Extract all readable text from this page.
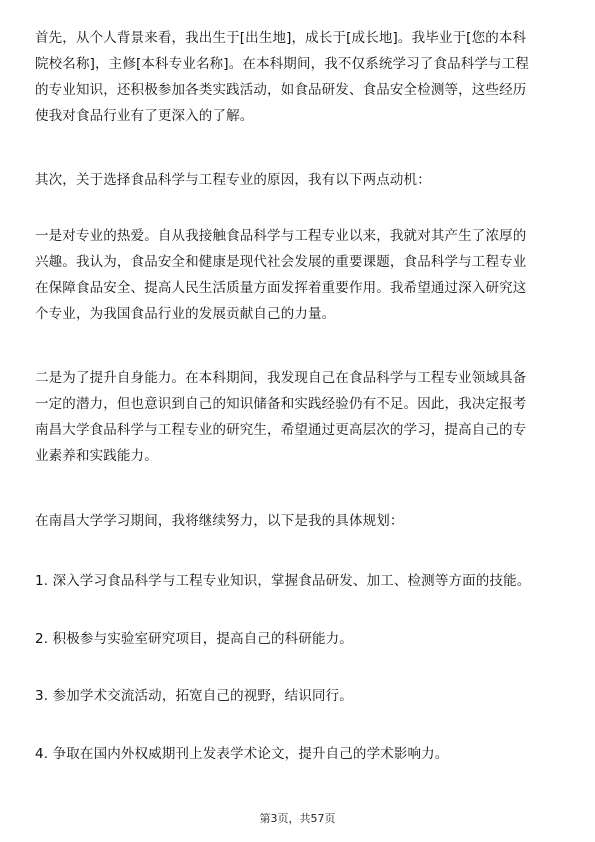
首先，从个人背景来看，我出生于[出生地]，成长于[成长地]。我毕业于[您的本科
院校名称]，主修[本科专业名称]。在本科期间，我不仅系统学习了食品科学与工程
的专业知识，还积极参加各类实践活动，如食品研发、食品安全检测等，这些经历
使我对食品行业有了更深入的了解。

其次，关于选择食品科学与工程专业的原因，我有以下两点动机：

一是对专业的热爱。自从我接触食品科学与工程专业以来，我就对其产生了浓厚的
兴趣。我认为，食品安全和健康是现代社会发展的重要课题，食品科学与工程专业
在保障食品安全、提高人民生活质量方面发挥着重要作用。我希望通过深入研究这
个专业，为我国食品行业的发展贡献自己的力量。

二是为了提升自身能力。在本科期间，我发现自己在食品科学与工程专业领域具备
一定的潜力，但也意识到自己的知识储备和实践经验仍有不足。因此，我决定报考
南昌大学食品科学与工程专业的研究生，希望通过更高层次的学习，提高自己的专
业素养和实践能力。

在南昌大学学习期间，我将继续努力，以下是我的具体规划：

1. 深入学习食品科学与工程专业知识，掌握食品研发、加工、检测等方面的技能。

2. 积极参与实验室研究项目，提高自己的科研能力。

3. 参加学术交流活动，拓宽自己的视野，结识同行。

4. 争取在国内外权威期刊上发表学术论文，提升自己的学术影响力。

第3页，共57页
